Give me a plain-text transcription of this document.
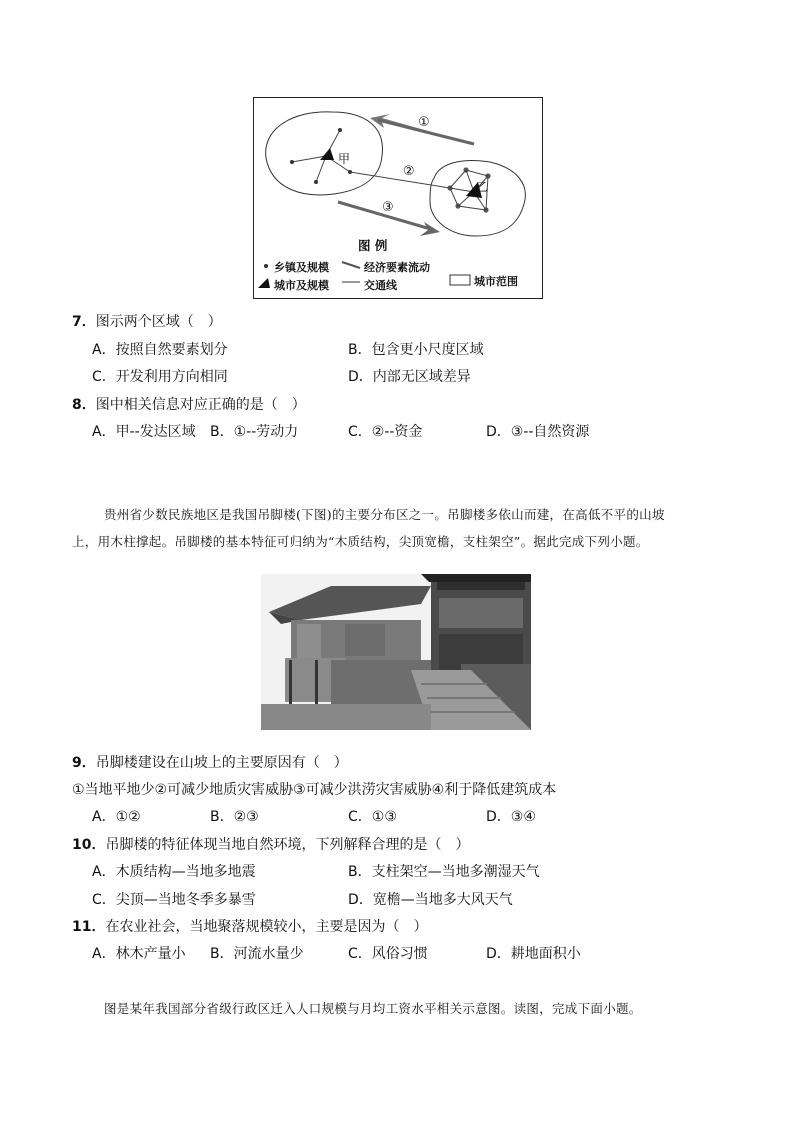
甲
乙
①
②
③
图 例
乡镇及规模	经济要素流动
城市及规模	交通线	城市范围
7．图示两个区域（　）
A．按照自然要素划分	B．包含更小尺度区域
C．开发利用方向相同	D．内部无区域差异
8．图中相关信息对应正确的是（　）
A．甲--发达区域 B．①--劳动力	C．②--资金	D．③--自然资源
贵州省少数民族地区是我国吊脚楼(下图)的主要分布区之一。吊脚楼多依山而建，在高低不平的山坡
上，用木柱撑起。吊脚楼的基本特征可归纳为“木质结构，尖顶宽檐，支柱架空”。据此完成下列小题。
9．吊脚楼建设在山坡上的主要原因有（　）
①当地平地少②可减少地质灾害威胁③可减少洪涝灾害威胁④利于降低建筑成本
A．①②	B．②③	C．①③	D．③④
10．吊脚楼的特征体现当地自然环境，下列解释合理的是（　）
A．木质结构—当地多地震	B．支柱架空—当地多潮湿天气
C．尖顶—当地冬季多暴雪	D．宽檐—当地多大风天气
11．在农业社会，当地聚落规模较小，主要是因为（　）
A．林木产量小 B．河流水量少	C．风俗习惯	D．耕地面积小
图是某年我国部分省级行政区迁入人口规模与月均工资水平相关示意图。读图，完成下面小题。
